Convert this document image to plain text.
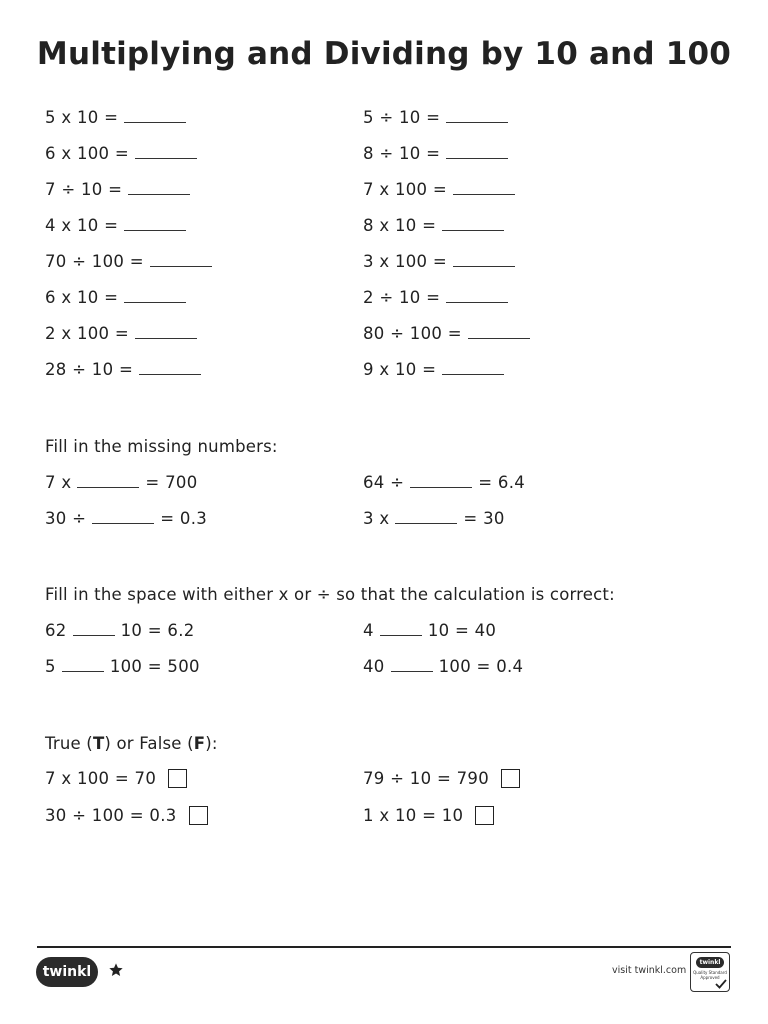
Multiplying and Dividing by 10 and 100
5 x 10 =
6 x 100 =
7 ÷ 10 =
4 x 10 =
70 ÷ 100 =
6 x 10 =
2 x 100 =
28 ÷ 10 =
5 ÷ 10 =
8 ÷ 10 =
7 x 100 =
8 x 10 =
3 x 100 =
2 ÷ 10 =
80 ÷ 100 =
9 x 10 =
Fill in the missing numbers:
7 x	= 700
30 ÷	= 0.3
64 ÷	= 6.4
3 x	= 30
Fill in the space with either x or ÷ so that the calculation is correct:
62	10 = 6.2
5	100 = 500
4	10 = 40
40	100 = 0.4
True (T) or False (F):
7 x 100 = 70
30 ÷ 100 = 0.3
79 ÷ 10 = 790
1 x 10 = 10
twinkl	visit twinkl.com
twinkl
Quality Standard Approved
